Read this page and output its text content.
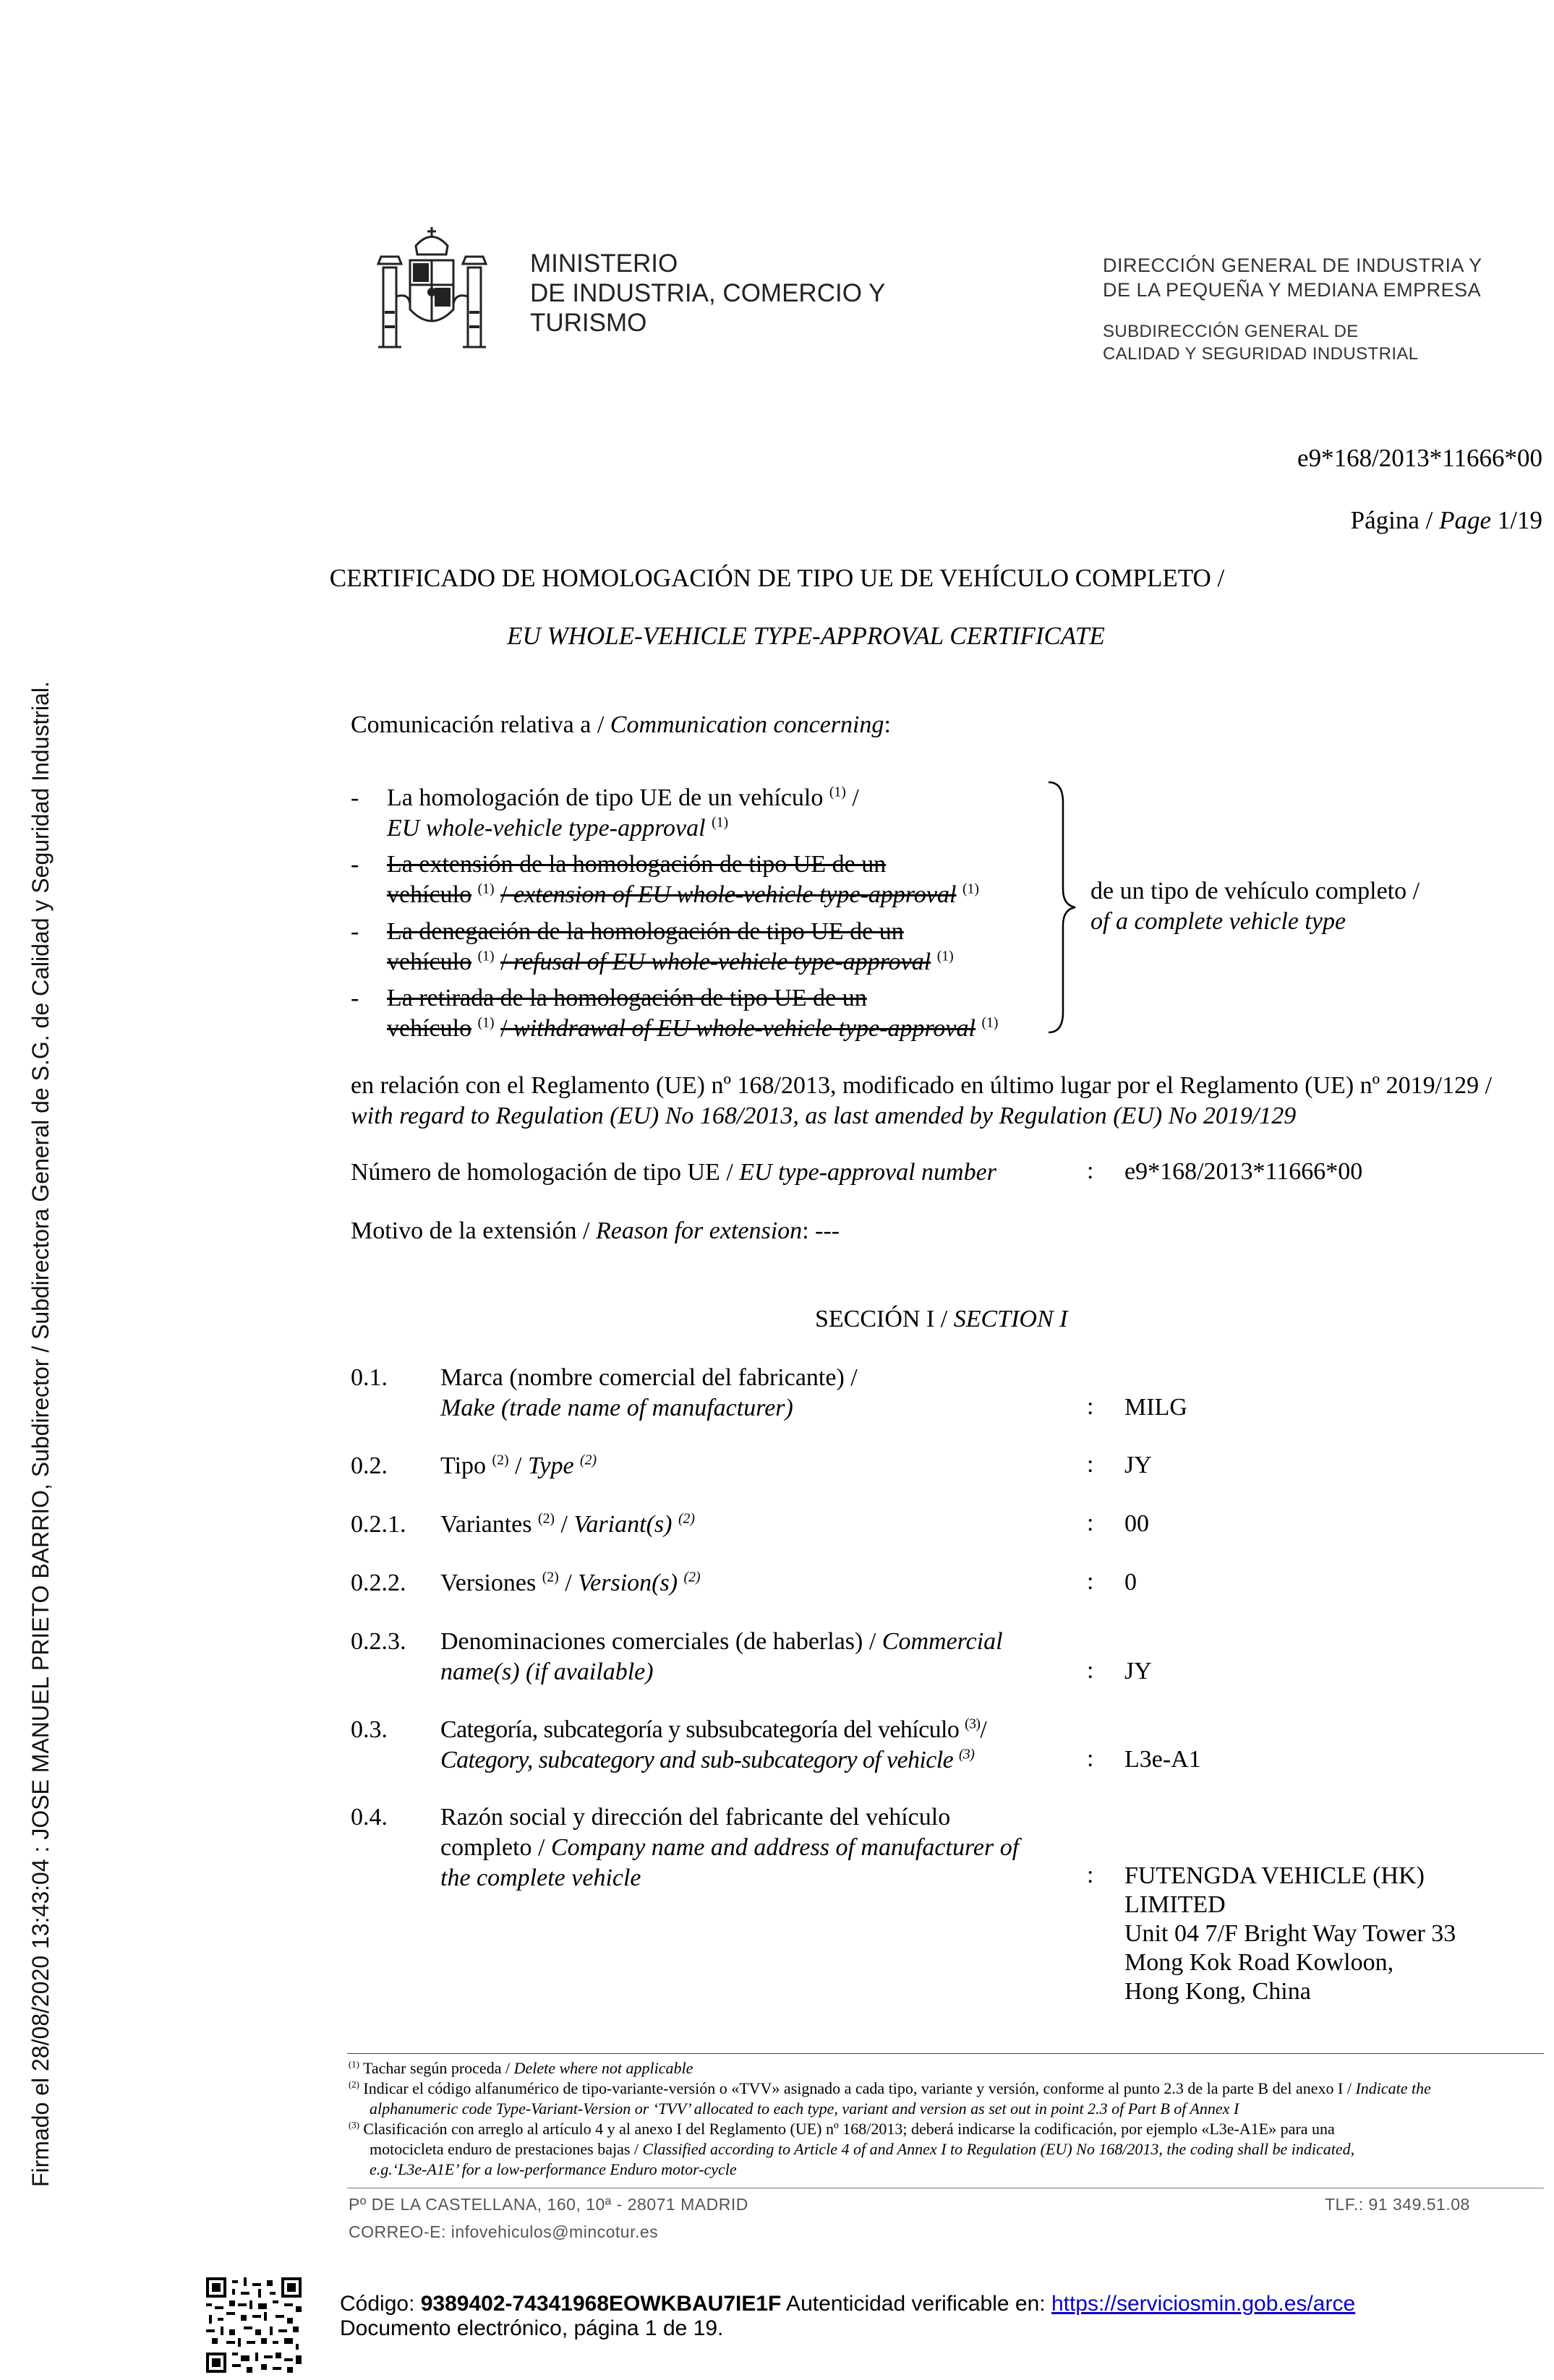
MINISTERIO
DE INDUSTRIA, COMERCIO Y
TURISMO
DIRECCIÓN GENERAL DE INDUSTRIA Y
DE LA PEQUEÑA Y MEDIANA EMPRESA
SUBDIRECCIÓN GENERAL DE
CALIDAD Y SEGURIDAD INDUSTRIAL
e9*168/2013*11666*00
Página / Page 1/19
CERTIFICADO DE HOMOLOGACIÓN DE TIPO UE DE VEHÍCULO COMPLETO /
EU WHOLE-VEHICLE TYPE-APPROVAL CERTIFICATE
Comunicación relativa a / Communication concerning:
- La homologación de tipo UE de un vehículo $^{(1)}$ /
EU whole-vehicle type-approval $^{(1)}$
- La extensión de la homologación de tipo UE de un
vehículo $^{(1)}$ / extension of EU whole-vehicle type-approval $^{(1)}$
- La denegación de la homologación de tipo UE de un
vehículo $^{(1)}$ / refusal of EU whole-vehicle type-approval $^{(1)}$
- La retirada de la homologación de tipo UE de un
vehículo $^{(1)}$ / withdrawal of EU whole-vehicle type-approval $^{(1)}$
de un tipo de vehículo completo /
of a complete vehicle type
en relación con el Reglamento (UE) nº 168/2013, modificado en último lugar por el Reglamento (UE) nº 2019/129 /
with regard to Regulation (EU) No 168/2013, as last amended by Regulation (EU) No 2019/129
Número de homologación de tipo UE / EU type-approval number	: e9*168/2013*11666*00
Motivo de la extensión / Reason for extension: ---
SECCIÓN I / SECTION I
0.1. Marca (nombre comercial del fabricante) /
Make (trade name of manufacturer)	: MILG
0.2. Tipo $^{(2)}$ / Type $^{(2)}$	: JY
0.2.1. Variantes $^{(2)}$ / Variant(s) $^{(2)}$	: 00
0.2.2. Versiones $^{(2)}$ / Version(s) $^{(2)}$	: 0
0.2.3. Denominaciones comerciales (de haberlas) / Commercial
name(s) (if available)	: JY
0.3. Categoría, subcategoría y subsubcategoría del vehículo $^{(3)}$/
Category, subcategory and sub-subcategory of vehicle $^{(3)}$	: L3e-A1
0.4. Razón social y dirección del fabricante del vehículo
completo / Company name and address of manufacturer of
the complete vehicle	: FUTENGDA VEHICLE (HK)
LIMITED
Unit 04 7/F Bright Way Tower 33
Mong Kok Road Kowloon,
Hong Kong, China
$^{(1)}$ Tachar según proceda / Delete where not applicable
$^{(2)}$ Indicar el código alfanumérico de tipo-variante-versión o «TVV» asignado a cada tipo, variante y versión, conforme al punto 2.3 de la parte B del anexo I / Indicate the
alphanumeric code Type-Variant-Version or ‘TVV’ allocated to each type, variant and version as set out in point 2.3 of Part B of Annex I
$^{(3)}$ Clasificación con arreglo al artículo 4 y al anexo I del Reglamento (UE) nº 168/2013; deberá indicarse la codificación, por ejemplo «L3e-A1E» para una
motocicleta enduro de prestaciones bajas / Classified according to Article 4 of and Annex I to Regulation (EU) No 168/2013, the coding shall be indicated,
e.g.‘L3e-A1E’ for a low-performance Enduro motor-cycle
Pº DE LA CASTELLANA, 160, 10ª - 28071 MADRID	TLF.: 91 349.51.08
CORREO-E: infovehiculos@mincotur.es
Firmado el 28/08/2020 13:43:04 : JOSE MANUEL PRIETO BARRIO, Subdirector / Subdirectora General de S.G. de Calidad y Seguridad Industrial.
Código: 9389402-74341968EOWKBAU7IE1F Autenticidad verificable en: https://serviciosmin.gob.es/arce
Documento electrónico, página 1 de 19.
